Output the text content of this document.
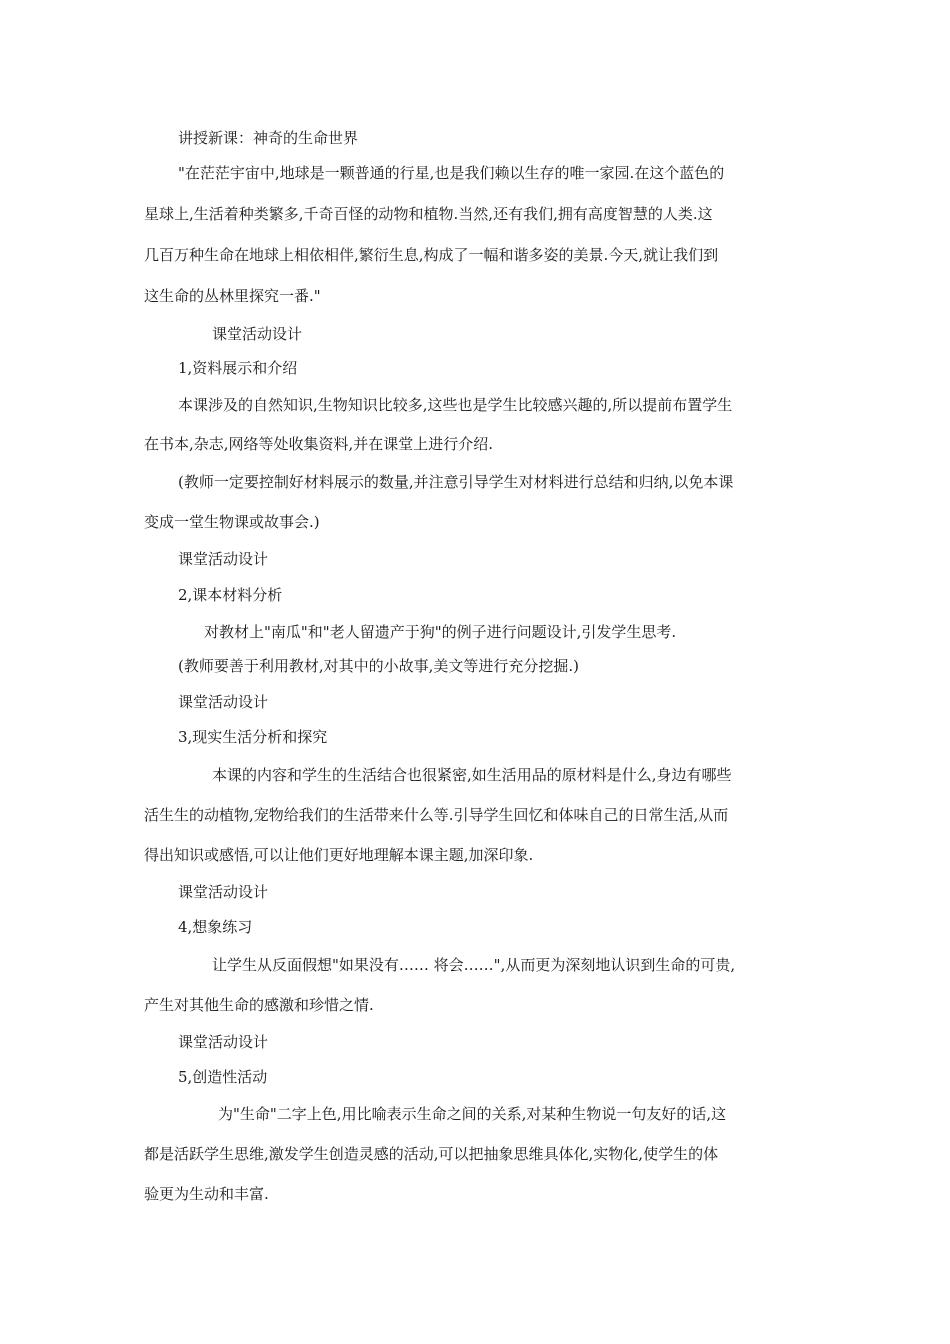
讲授新课：神奇的生命世界
"在茫茫宇宙中,地球是一颗普通的行星,也是我们赖以生存的唯一家园.在这个蓝色的
星球上,生活着种类繁多,千奇百怪的动物和植物.当然,还有我们,拥有高度智慧的人类.这
几百万种生命在地球上相依相伴,繁衍生息,构成了一幅和谐多姿的美景.今天,就让我们到
这生命的丛林里探究一番."
课堂活动设计
1,资料展示和介绍
本课涉及的自然知识,生物知识比较多,这些也是学生比较感兴趣的,所以提前布置学生
在书本,杂志,网络等处收集资料,并在课堂上进行介绍.
(教师一定要控制好材料展示的数量,并注意引导学生对材料进行总结和归纳,以免本课
变成一堂生物课或故事会.)
课堂活动设计
2,课本材料分析
对教材上"南瓜"和"老人留遗产于狗"的例子进行问题设计,引发学生思考.
(教师要善于利用教材,对其中的小故事,美文等进行充分挖掘.)
课堂活动设计
3,现实生活分析和探究
本课的内容和学生的生活结合也很紧密,如生活用品的原材料是什么,身边有哪些
活生生的动植物,宠物给我们的生活带来什么等.引导学生回忆和体味自己的日常生活,从而
得出知识或感悟,可以让他们更好地理解本课主题,加深印象.
课堂活动设计
4,想象练习
让学生从反面假想"如果没有…… 将会……",从而更为深刻地认识到生命的可贵,
产生对其他生命的感激和珍惜之情.
课堂活动设计
5,创造性活动
为"生命"二字上色,用比喻表示生命之间的关系,对某种生物说一句友好的话,这
都是活跃学生思维,激发学生创造灵感的活动,可以把抽象思维具体化,实物化,使学生的体
验更为生动和丰富.
